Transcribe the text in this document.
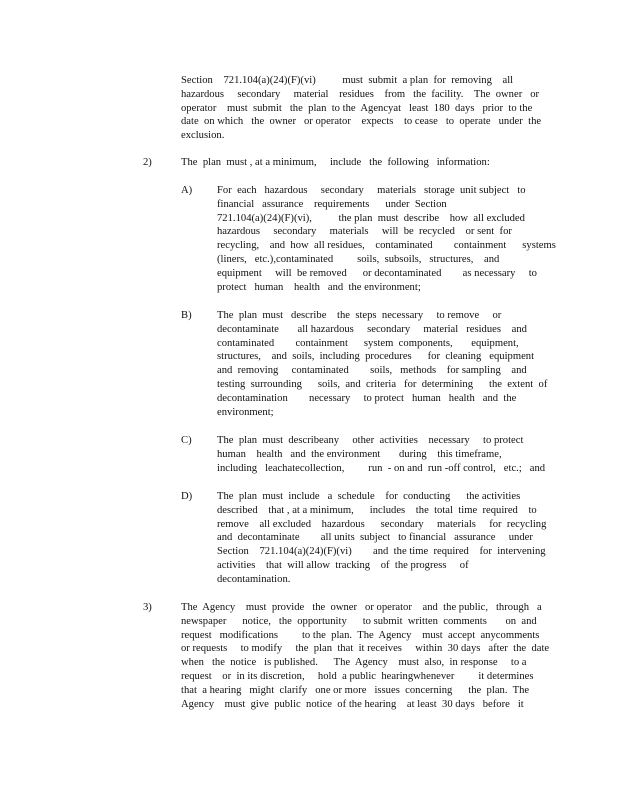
Section    721.104(a)(24)(F)(vi)          must  submit  a plan  for  removing    all
hazardous     secondary     material    residues    from   the  facility.    The  owner   or
operator    must  submit   the  plan  to the  Agencyat   least  180  days   prior  to the
date  on which   the  owner   or operator    expects    to cease   to  operate   under  the
exclusion.
2)	The  plan  must , at a minimum,     include   the  following   information:
A) For  each   hazardous     secondary     materials   storage  unit subject   to
financial   assurance    requirements      under  Section
721.104(a)(24)(F)(vi),          the plan  must  describe    how  all excluded
hazardous     secondary     materials     will  be  recycled    or sent  for
recycling,    and  how  all residues,    contaminated        containment      systems
(liners,   etc.),contaminated         soils,  subsoils,   structures,    and
equipment     will  be removed      or decontaminated        as necessary     to
protect   human    health   and  the environment;
B) The  plan  must   describe    the  steps  necessary     to remove     or
decontaminate       all hazardous     secondary     material   residues    and
contaminated        containment      system  components,       equipment,
structures,    and  soils,  including  procedures      for  cleaning   equipment
and  removing     contaminated        soils,   methods    for sampling    and
testing  surrounding      soils,  and  criteria   for  determining      the  extent  of
decontamination        necessary     to protect   human   health   and  the
environment;
C) The  plan  must  describeany     other  activities    necessary     to protect
human    health   and  the environment       during    this timeframe,
including   leachatecollection,         run  - on and  run -off control,   etc.;   and
D) The  plan  must  include   a  schedule    for  conducting      the activities
described    that , at a minimum,      includes    the  total  time  required    to
remove    all excluded    hazardous      secondary     materials     for  recycling
and  decontaminate        all units  subject   to financial   assurance     under
Section    721.104(a)(24)(F)(vi)        and  the time  required    for  intervening
activities    that  will allow  tracking    of  the progress     of
decontamination.
3)	The  Agency    must  provide   the  owner   or operator    and  the public,   through   a
newspaper      notice,   the  opportunity      to submit  written  comments       on  and
request   modifications         to the  plan.  The  Agency    must  accept  anycomments
or requests     to modify     the  plan  that  it receives     within  30 days   after  the  date
when   the  notice   is published.      The  Agency    must  also,  in response     to a
request    or  in its discretion,     hold  a public  hearingwhenever         it determines
that  a hearing   might  clarify   one or more   issues  concerning      the  plan.  The
Agency    must  give  public  notice  of the hearing    at least  30 days   before   it
